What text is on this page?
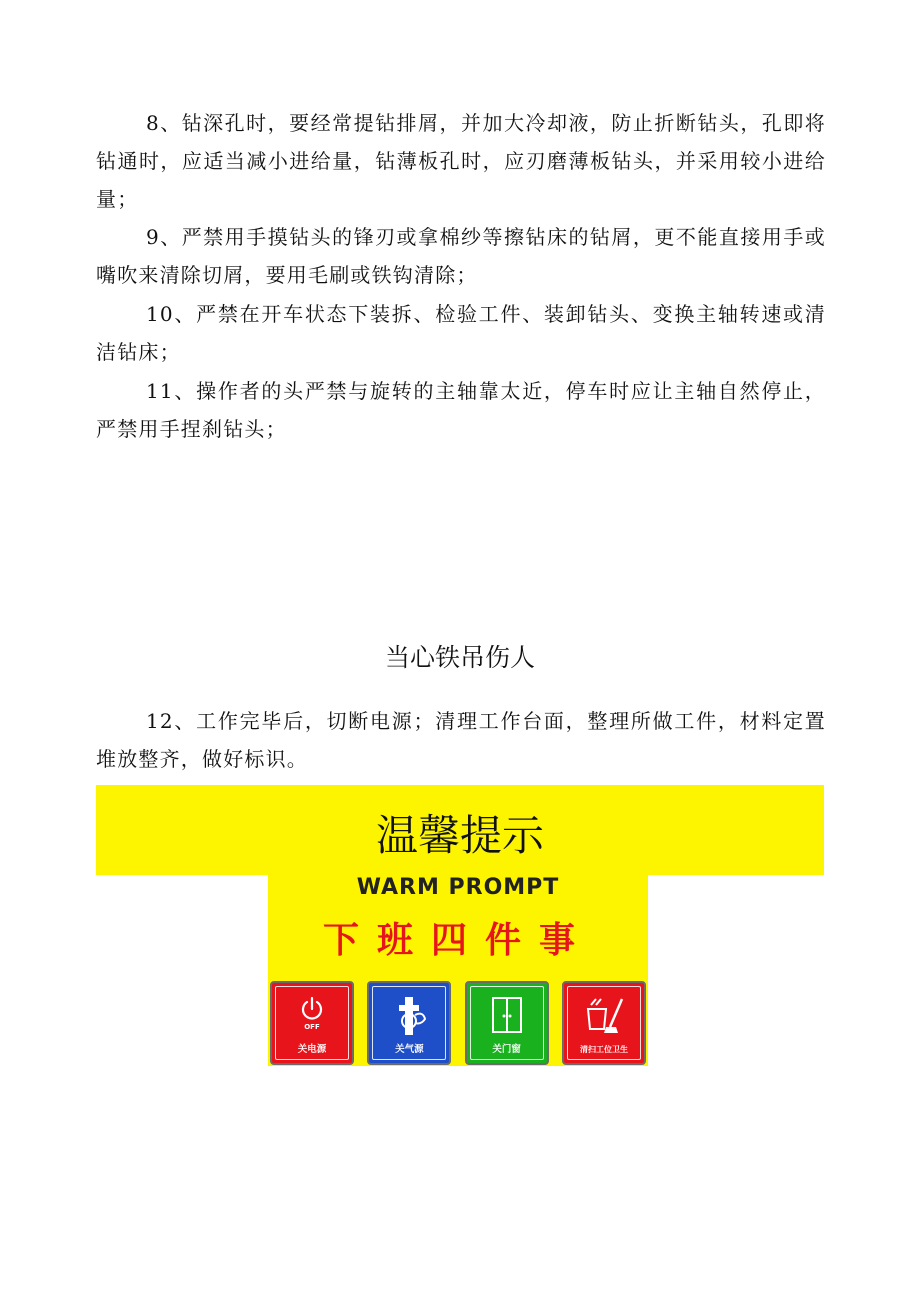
8、钻深孔时，要经常提钻排屑，并加大冷却液，防止折断钻头，孔即将钻通时，应适当减小进给量，钻薄板孔时，应刃磨薄板钻头，并采用较小进给量；

9、严禁用手摸钻头的锋刃或拿棉纱等擦钻床的钻屑，更不能直接用手或嘴吹来清除切屑，要用毛刷或铁钩清除；

10、严禁在开车状态下装拆、检验工件、装卸钻头、变换主轴转速或清洁钻床；

11、操作者的头严禁与旋转的主轴靠太近，停车时应让主轴自然停止，严禁用手捏刹钻头；

当心铁吊伤人

12、工作完毕后，切断电源；清理工作台面，整理所做工件，材料定置堆放整齐，做好标识。

温馨提示
WARM PROMPT
下班四件事
OFF
关电源	关气源	关门窗	清扫工位卫生
